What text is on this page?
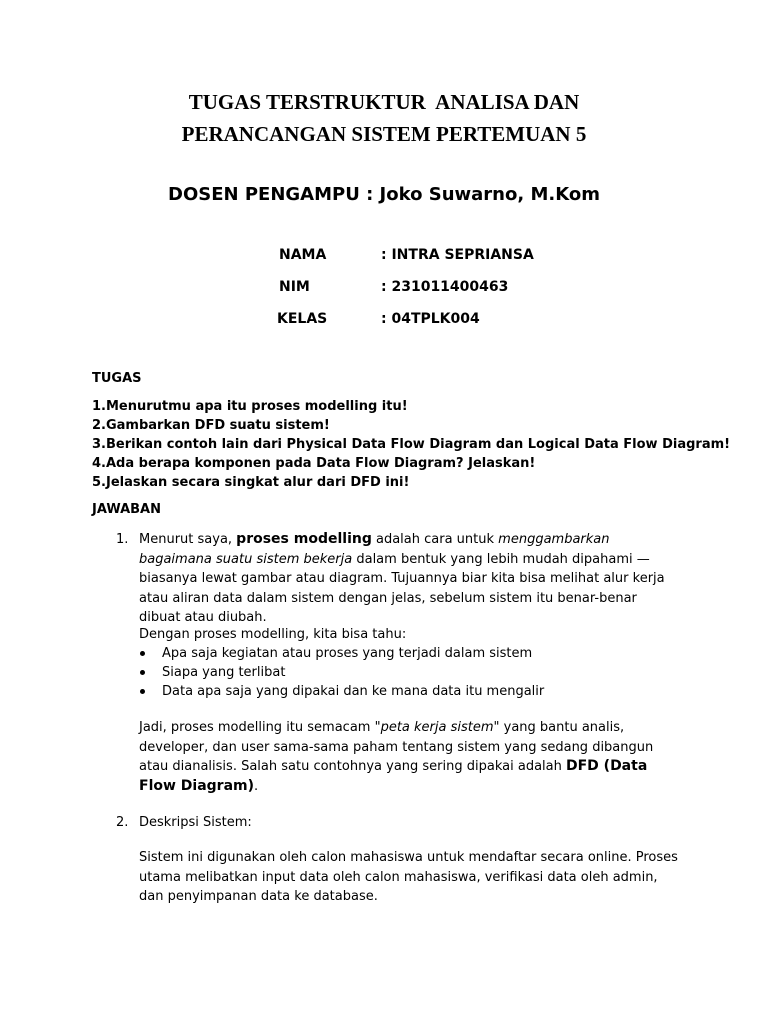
TUGAS TERSTRUKTUR  ANALISA DAN
PERANCANGAN SISTEM PERTEMUAN 5
DOSEN PENGAMPU : Joko Suwarno, M.Kom
NAMA	: INTRA SEPRIANSA
NIM	: 231011400463
KELAS	: 04TPLK004
TUGAS
1.Menurutmu apa itu proses modelling itu!
2.Gambarkan DFD suatu sistem!
3.Berikan contoh lain dari Physical Data Flow Diagram dan Logical Data Flow Diagram!
4.Ada berapa komponen pada Data Flow Diagram? Jelaskan!
5.Jelaskan secara singkat alur dari DFD ini!
JAWABAN
1. Menurut saya, proses modelling adalah cara untuk menggambarkan bagaimana suatu sistem bekerja dalam bentuk yang lebih mudah dipahami — biasanya lewat gambar atau diagram. Tujuannya biar kita bisa melihat alur kerja atau aliran data dalam sistem dengan jelas, sebelum sistem itu benar-benar dibuat atau diubah.

Dengan proses modelling, kita bisa tahu:

Apa saja kegiatan atau proses yang terjadi dalam sistem
Siapa yang terlibat
Data apa saja yang dipakai dan ke mana data itu mengalir

Jadi, proses modelling itu semacam "peta kerja sistem" yang bantu analis, developer, dan user sama-sama paham tentang sistem yang sedang dibangun atau dianalisis. Salah satu contohnya yang sering dipakai adalah DFD (Data Flow Diagram).

2. Deskripsi Sistem:

Sistem ini digunakan oleh calon mahasiswa untuk mendaftar secara online. Proses utama melibatkan input data oleh calon mahasiswa, verifikasi data oleh admin, dan penyimpanan data ke database.
